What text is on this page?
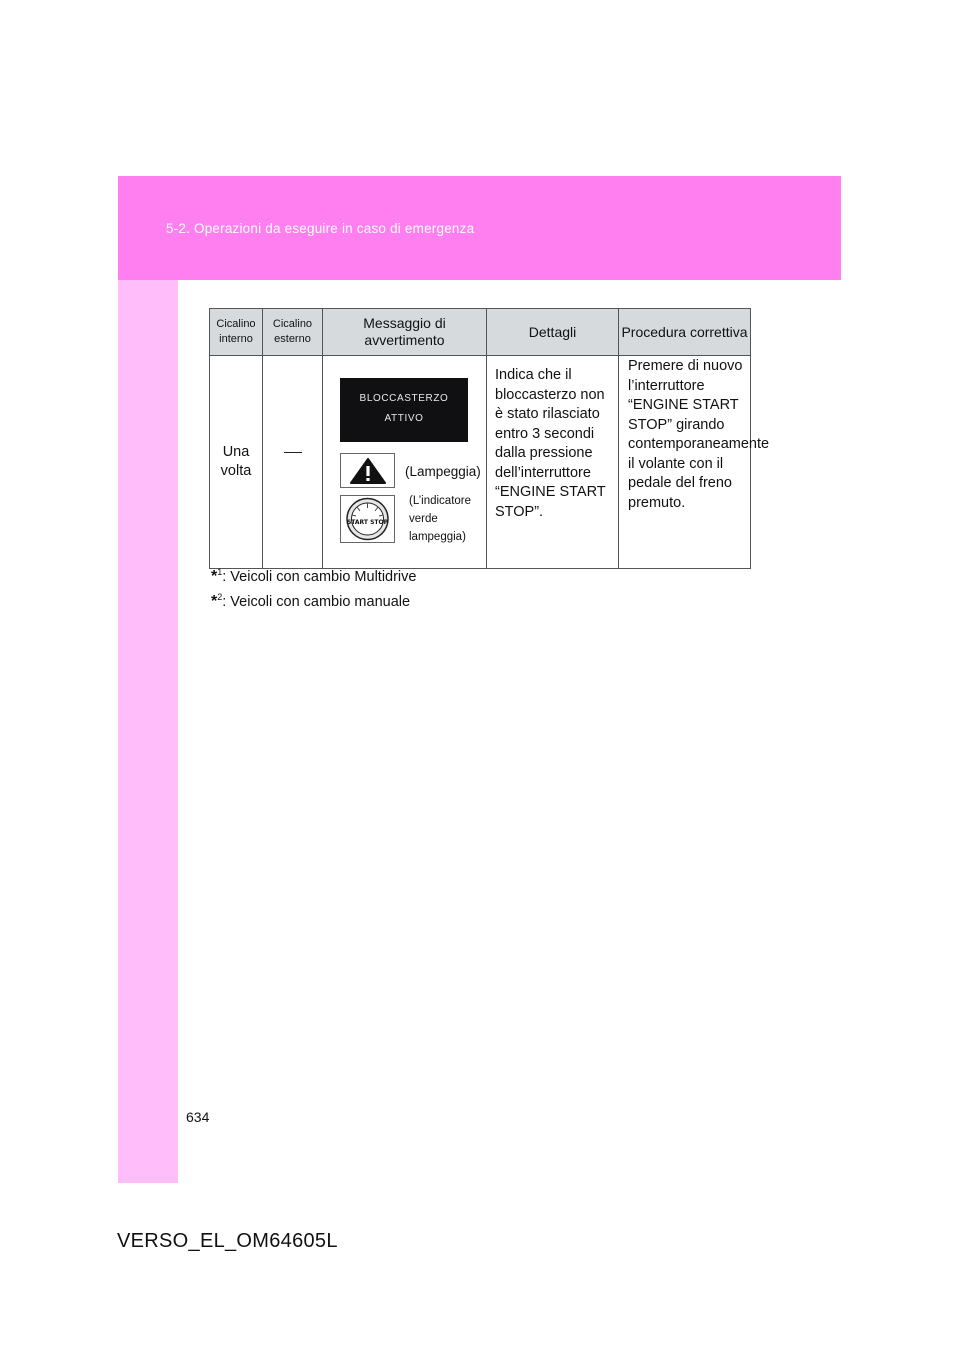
5-2. Operazioni da eseguire in caso di emergenza
Cicalino interno	Cicalino esterno	Messaggio di avvertimento	Dettagli	Procedura correttiva
Una volta		BLOCCASTERZO
ATTIVO
(Lampeggia)
START STOP
(L’indicatore verde lampeggia)	Indica che il bloccasterzo non è stato rilasciato entro 3 secondi dalla pressione dell’interruttore “ENGINE START STOP”.	Premere di nuovo l’interruttore “ENGINE START STOP” girando contemporaneamente il volante con il pedale del freno premuto.
*$^1$: Veicoli con cambio Multidrive
*$^2$: Veicoli con cambio manuale
634
VERSO_EL_OM64605L
